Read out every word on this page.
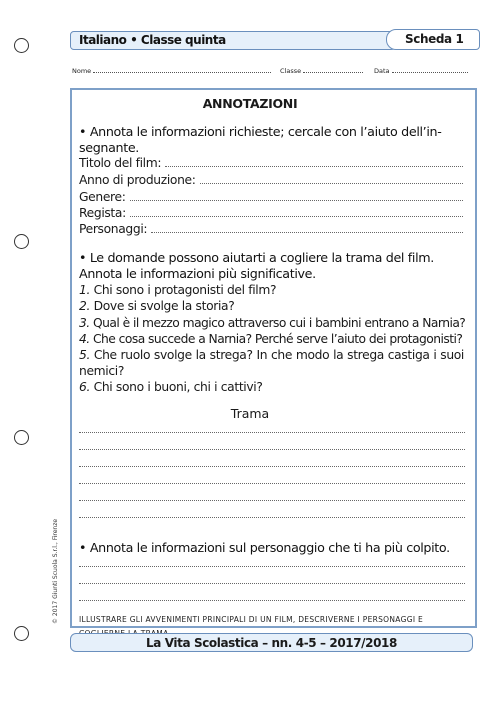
Italiano • Classe quinta	Scheda 1
Nome	Classe	Data
ANNOTAZIONI
• Annota le informazioni richieste; cercale con l’aiuto dell’in-
segnante.
Titolo del film:
Anno di produzione:
Genere:
Regista:
Personaggi:
• Le domande possono aiutarti a cogliere la trama del film.
Annota le informazioni più significative.
1. Chi sono i protagonisti del film?
2. Dove si svolge la storia?
3. Qual è il mezzo magico attraverso cui i bambini entrano a Narnia?
4. Che cosa succede a Narnia? Perché serve l’aiuto dei protagonisti?
5. Che ruolo svolge la strega? In che modo la strega castiga i suoi nemici?
6. Chi sono i buoni, chi i cattivi?
Trama
• Annota le informazioni sul personaggio che ti ha più colpito.
ILLUSTRARE GLI AVVENIMENTI PRINCIPALI DI UN FILM, DESCRIVERNE I PERSONAGGI E
© 2017 Giunti Scuola S.r.l., Firenze
La Vita Scolastica – nn. 4-5 – 2017/2018
